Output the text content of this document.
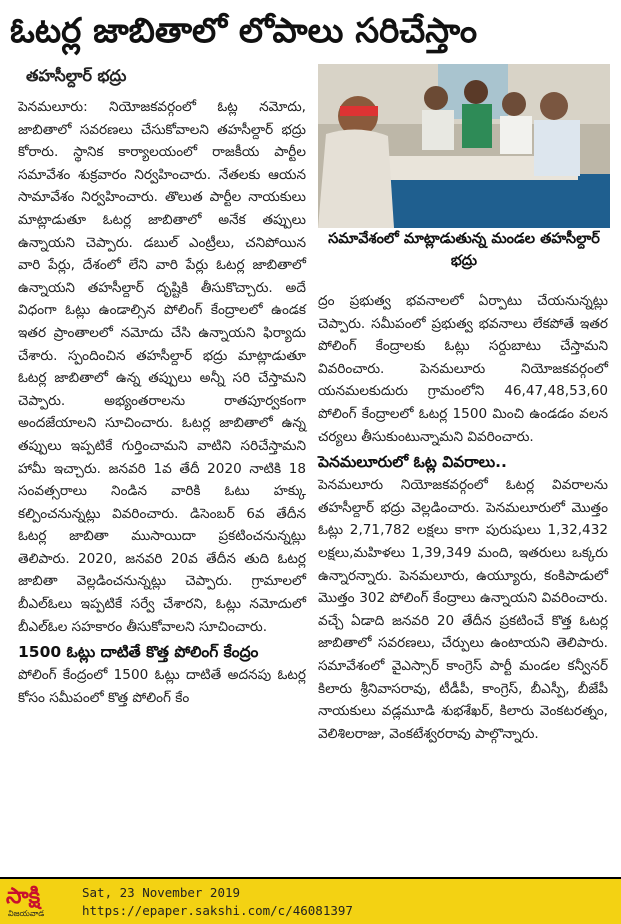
ఓటర్ల జాబితాలో లోపాలు సరిచేస్తాం
తహసీల్దార్ భద్రు

పెనమలూరు: నియోజకవర్గంలో ఓట్ల నమోదు, జాబితాలో సవరణలు చేసుకోవాలని తహసీల్దార్ భద్రు కోరారు. స్థానిక కార్యాలయంలో రాజకీయ పార్టీల సమావేశం శుక్రవారం నిర్వహించారు. నేతలకు ఆయన సామావేశం నిర్వహించారు. తొలుత పార్టీల నాయకులు మాట్లాడుతూ ఓటర్ల జాబితాలో అనేక తప్పులు ఉన్నాయని చెప్పారు. డబుల్ ఎంట్రీలు, చనిపోయిన వారి పేర్లు, దేశంలో లేని వారి పేర్లు ఓటర్ల జాబితాలో ఉన్నాయని తహసీల్దార్ దృష్టికి తీసుకొచ్చారు. అదే విధంగా ఓట్లు ఉండాల్సిన పోలింగ్ కేంద్రాలలో ఉండక ఇతర ప్రాంతాలలో నమోదు చేసి ఉన్నాయని ఫిర్యాదు చేశారు. స్పందించిన తహసీల్దార్ భద్రు మాట్లాడుతూ ఓటర్ల జాబితాలో ఉన్న తప్పులు అన్నీ సరి చేస్తామని చెప్పారు. అభ్యంతరాలను రాతపూర్వకంగా అందజేయాలని సూచించారు. ఓటర్ల జాబితాలో ఉన్న తప్పులు ఇప్పటికే గుర్తించామని వాటిని సరిచేస్తామని హామీ ఇచ్చారు. జనవరి 1వ తేదీ 2020 నాటికి 18 సంవత్సరాలు నిండిన వారికి ఓటు హక్కు కల్పించనున్నట్లు వివరించారు. డిసెంబర్ 6వ తేదీన ఓటర్ల జాబితా ముసాయిదా ప్రకటించనున్నట్లు తెలిపారు. 2020, జనవరి 20వ తేదీన తుది ఓటర్ల జాబితా వెల్లడించనున్నట్లు చెప్పారు. గ్రామాలలో బీఎల్ఓలు ఇప్పటికే సర్వే చేశారని, ఓట్లు నమోదులో బీఎల్ఓల సహకారం తీసుకోవాలని సూచించారు.

1500 ఓట్లు దాటితే కొత్త పోలింగ్ కేంద్రం

పోలింగ్ కేంద్రంలో 1500 ఓట్లు దాటితే అదనపు ఓటర్ల కోసం సమీపంలో కొత్త పోలింగ్ కేం

సమావేశంలో మాట్లాడుతున్న మండల తహసీల్దార్ భద్రు

ద్రం ప్రభుత్వ భవనాలలో ఏర్పాటు చేయనున్నట్లు చెప్పారు. సమీపంలో ప్రభుత్వ భవనాలు లేకపోతే ఇతర పోలింగ్ కేంద్రాలకు ఓట్లు సర్దుబాటు చేస్తామని వివరించారు. పెనమలూరు నియోజకవర్గంలో యనమలకుదురు గ్రామంలోని 46,47,48,53,60 పోలింగ్ కేంద్రాలలో ఓటర్ల 1500 మించి ఉండడం వలన చర్యలు తీసుకుంటున్నామని వివరించారు.

పెనమలూరులో ఓట్ల వివరాలు..

పెనమలూరు నియోజకవర్గంలో ఓటర్ల వివరాలను తహసీల్దార్ భద్రు వెల్లడించారు. పెనమలూరులో మొత్తం ఓట్లు 2,71,782 లక్షలు కాగా పురుషులు 1,32,432 లక్షలు,మహిళలు 1,39,349 మంది, ఇతరులు ఒక్కరు ఉన్నారన్నారు. పెనమలూరు, ఉయ్యూరు, కంకిపాడులో మొత్తం 302 పోలింగ్ కేంద్రాలు ఉన్నాయని వివరించారు. వచ్చే ఏడాది జనవరి 20 తేదీన ప్రకటించే కొత్త ఓటర్ల జాబితాలో సవరణలు, చేర్పులు ఉంటాయని తెలిపారు. సమావేశంలో వైఎస్సార్ కాంగ్రెస్ పార్టీ మండల కన్వీనర్ కిలారు శ్రీనివాసరావు, టీడీపీ, కాంగ్రెస్, బీఎస్పీ, బీజేపీ నాయకులు వడ్లమూడి శుభశేఖర్, కిలారు వెంకటరత్నం, వెలిశిలరాజు, వెంకటేశ్వరరావు పాల్గొన్నారు.

సాక్షి
విజయవాడ
Sat, 23 November 2019
https://epaper.sakshi.com/c/46081397
